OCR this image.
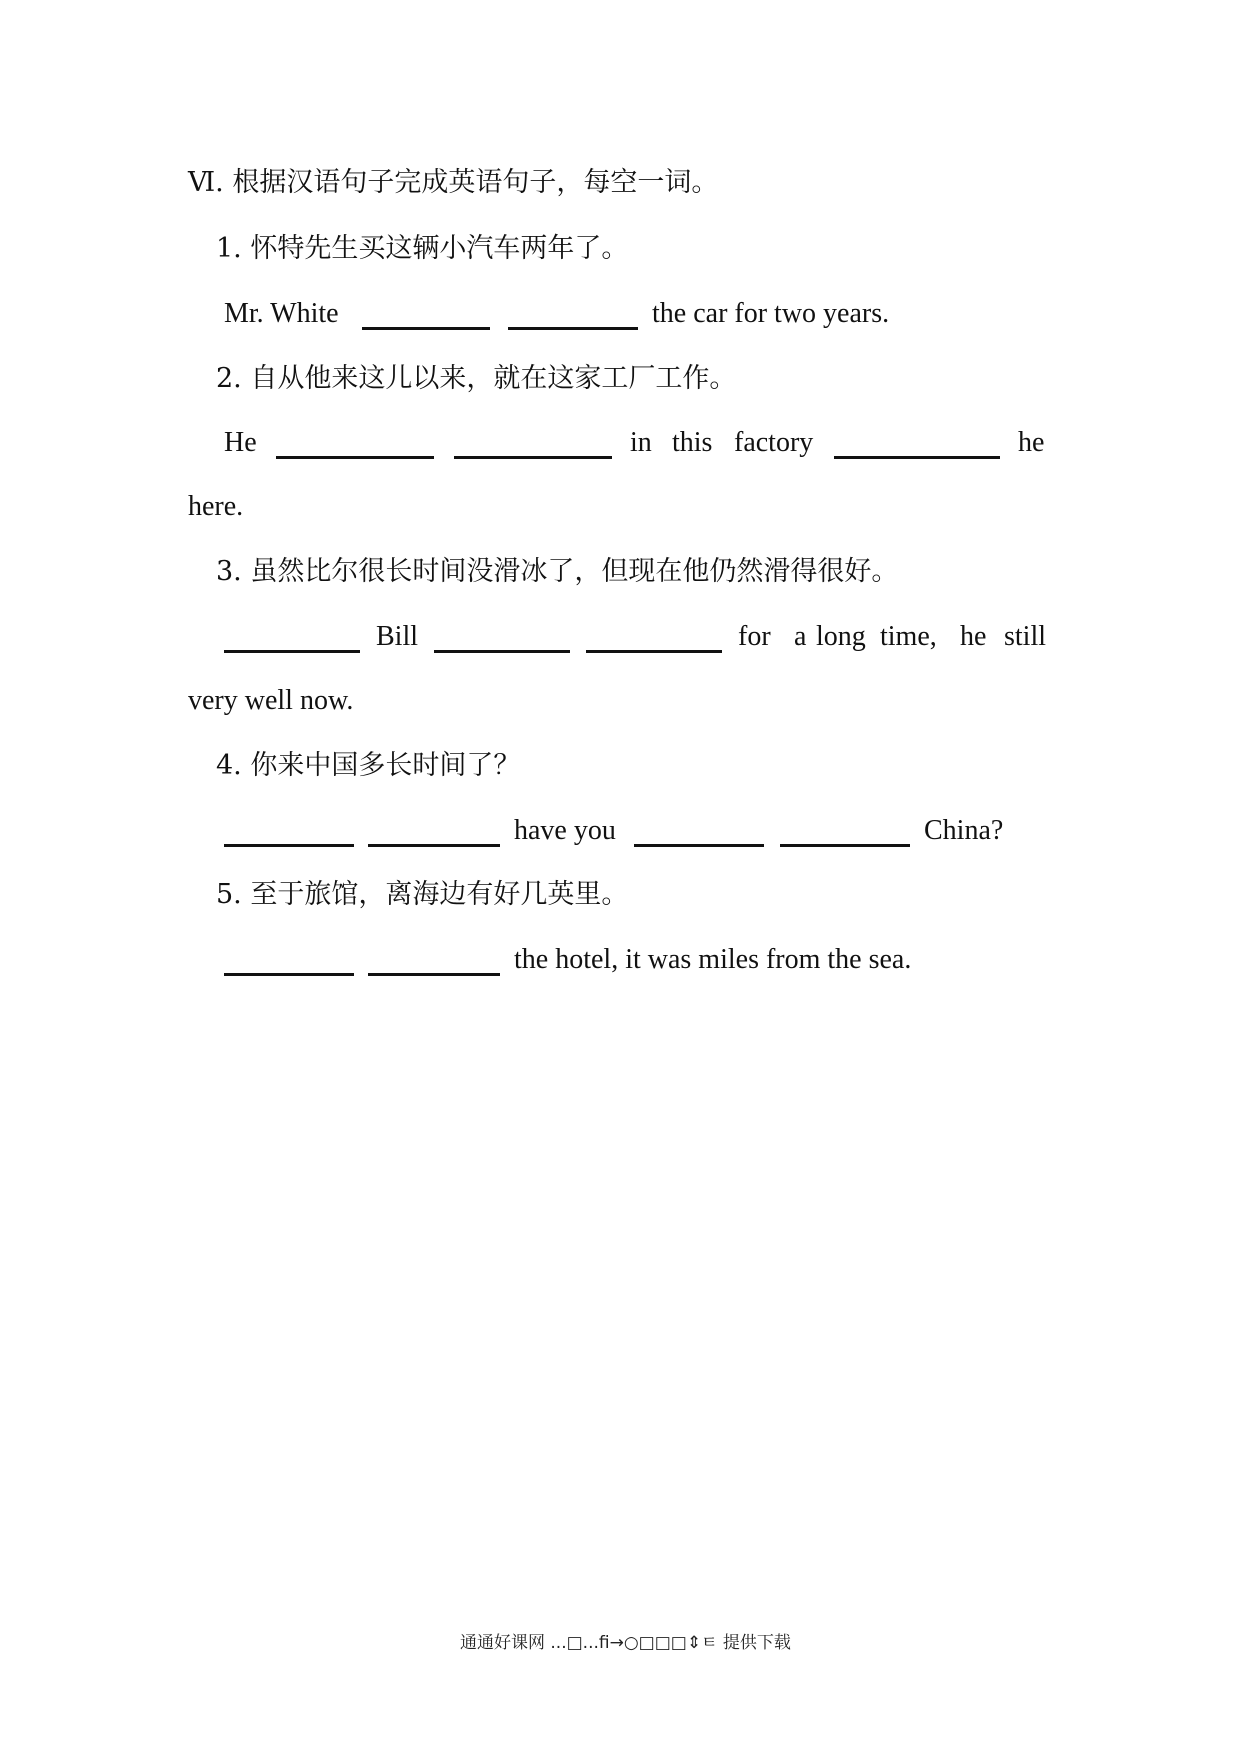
Ⅵ. 根据汉语句子完成英语句子，每空一词。
1. 怀特先生买这辆小汽车两年了。
Mr. White	the car for two years.
2. 自从他来这儿以来，就在这家工厂工作。
He	in this factory	he
here.
3. 虽然比尔很长时间没滑冰了，但现在他仍然滑得很好。
Bill	for a long time, he still
very well now.
4. 你来中国多长时间了？
have you	China?
5. 至于旅馆，离海边有好几英里。
the hotel, it was miles from the sea.
通通好课网 ...□...ﬁ→○□□□⇕ㅌ 提供下载
